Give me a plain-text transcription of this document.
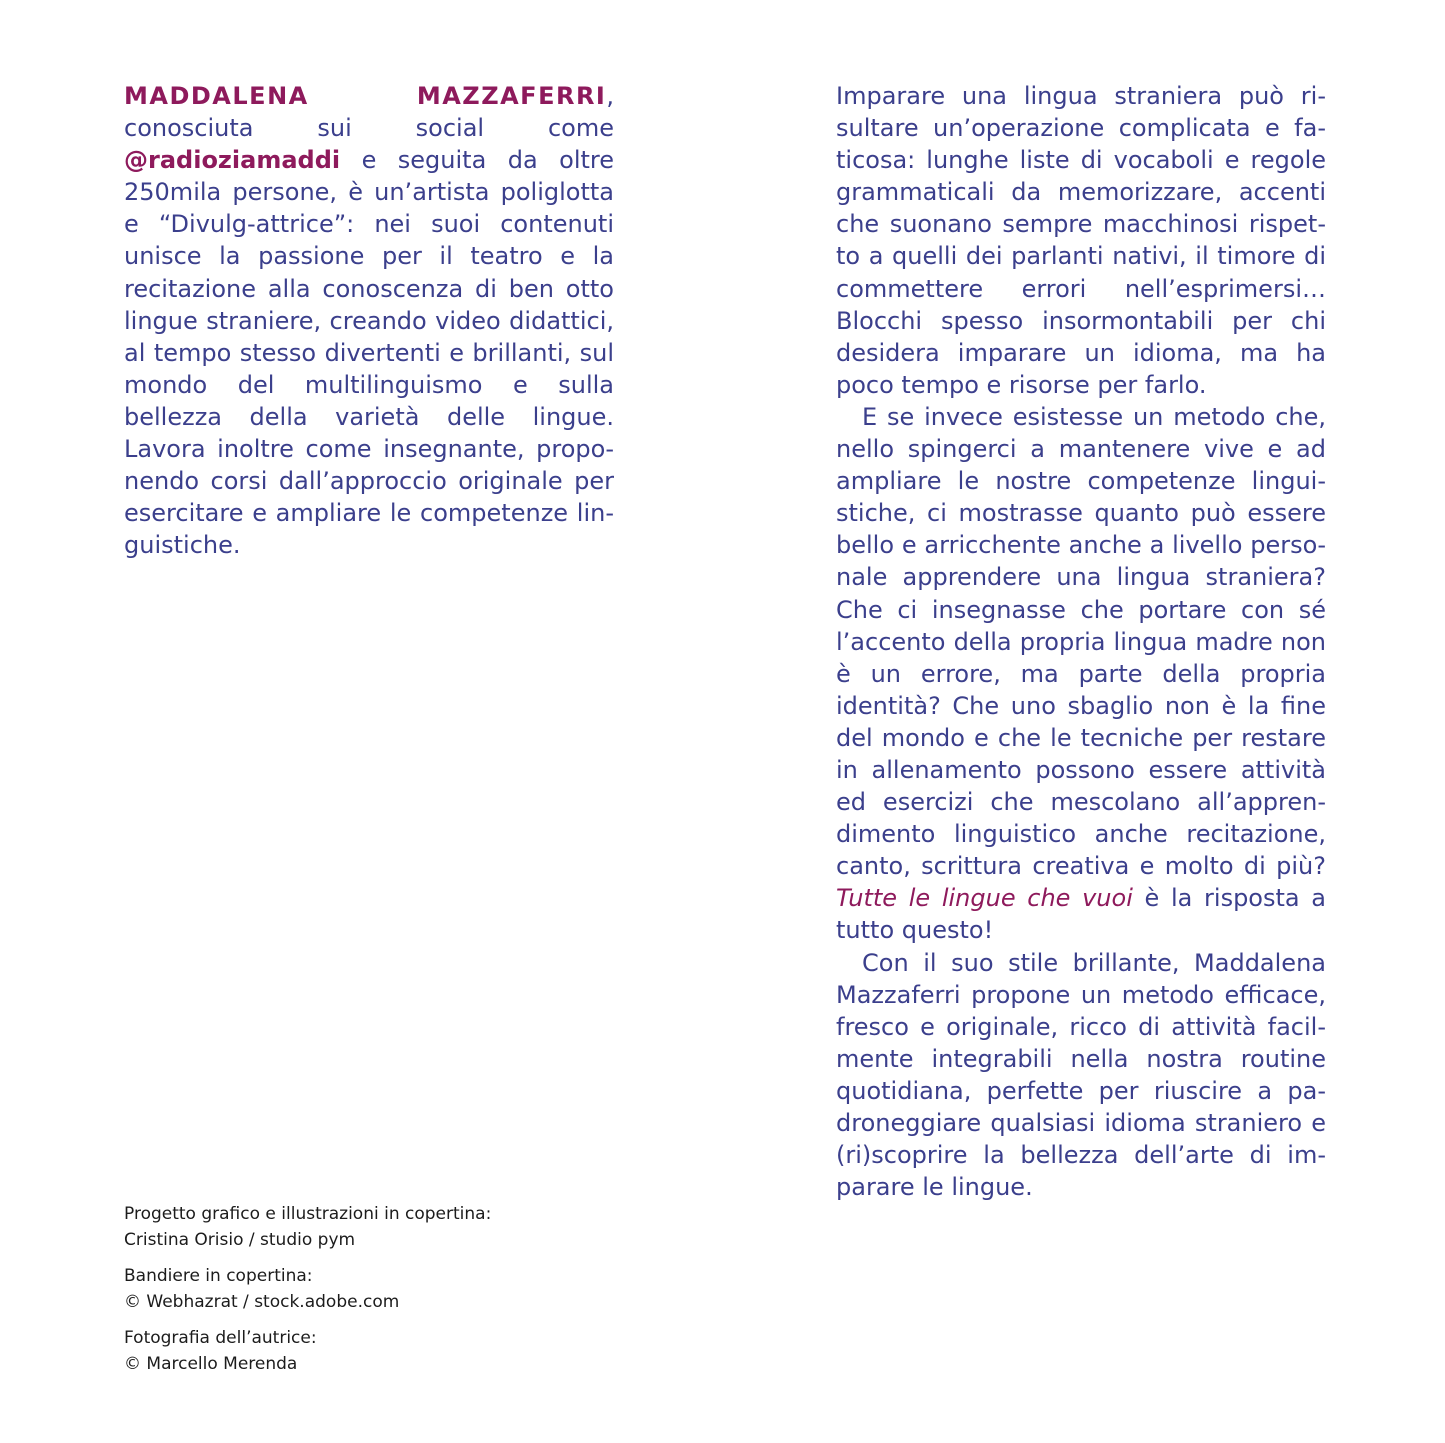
MADDALENA MAZZAFERRI, conosciuta sui social come @radioziamaddi e seguita da oltre 250mila persone, è un’artista poliglotta e “Divulg-attrice”: nei suoi contenuti unisce la passione per il teatro e la recitazione alla conoscenza di ben otto lingue straniere, creando video didattici, al tempo stesso divertenti e brillanti, sul mondo del multilinguismo e sulla bellezza della varietà delle lingue. Lavora inoltre come insegnante, proponendo corsi dall’approccio originale per esercitare e ampliare le competenze linguistiche.

Imparare una lingua straniera può risultare un’operazione complicata e faticosa: lunghe liste di vocaboli e regole grammaticali da memorizzare, accenti che suonano sempre macchinosi rispetto a quelli dei parlanti nativi, il timore di commettere errori nell’esprimersi… Blocchi spesso insormontabili per chi desidera imparare un idioma, ma ha poco tempo e risorse per farlo.

E se invece esistesse un metodo che, nello spingerci a mantenere vive e ad ampliare le nostre competenze linguistiche, ci mostrasse quanto può essere bello e arricchente anche a livello personale apprendere una lingua straniera? Che ci insegnasse che portare con sé l’accento della propria lingua madre non è un errore, ma parte della propria identità? Che uno sbaglio non è la fine del mondo e che le tecniche per restare in allenamento possono essere attività ed esercizi che mescolano all’apprendimento linguistico anche recitazione, canto, scrittura creativa e molto di più? Tutte le lingue che vuoi è la risposta a tutto questo!

Con il suo stile brillante, Maddalena Mazzaferri propone un metodo efficace, fresco e originale, ricco di attività facilmente integrabili nella nostra routine quotidiana, perfette per riuscire a padroneggiare qualsiasi idioma straniero e (ri)scoprire la bellezza dell’arte di imparare le lingue.

Progetto grafico e illustrazioni in copertina:
Cristina Orisio / studio pym
Bandiere in copertina:
© Webhazrat / stock.adobe.com
Fotografia dell’autrice:
© Marcello Merenda
